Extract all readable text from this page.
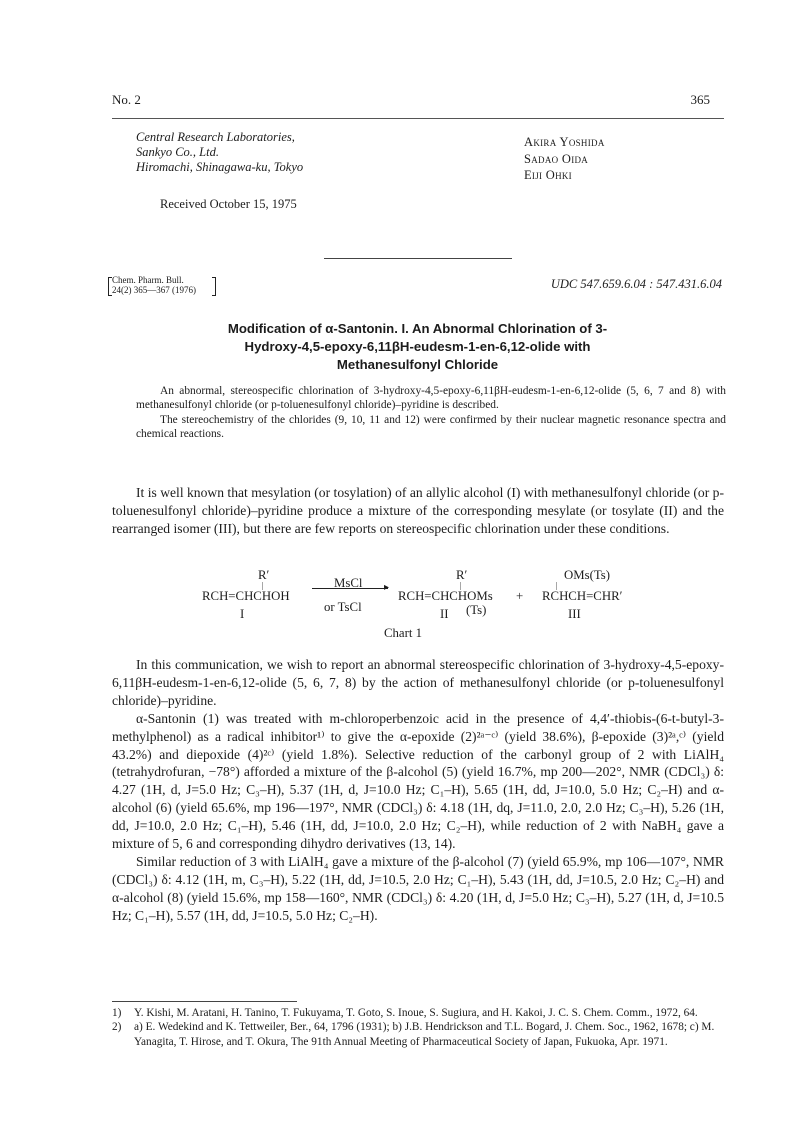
No. 2	365
Central Research Laboratories,
Sankyo Co., Ltd.
Hiromachi, Shinagawa-ku, Tokyo
Akira Yoshida
Sadao Oida
Eiji Ohki
Received October 15, 1975
Chem. Pharm. Bull.
24(2) 365—367 (1976)	UDC 547.659.6.04 : 547.431.6.04
Modification of α-Santonin. I. An Abnormal Chlorination of 3-
Hydroxy-4,5-epoxy-6,11βH-eudesm-1-en-6,12-olide with
Methanesulfonyl Chloride

An abnormal, stereospecific chlorination of 3-hydroxy-4,5-epoxy-6,11βH-eudesm-1-en-6,12-olide (5, 6, 7 and 8) with methanesulfonyl chloride (or p-toluenesulfonyl chloride)–pyridine is described.

The stereochemistry of the chlorides (9, 10, 11 and 12) were confirmed by their nuclear magnetic resonance spectra and chemical reactions.

It is well known that mesylation (or tosylation) of an allylic alcohol (I) with methanesulfonyl chloride (or p-toluenesulfonyl chloride)–pyridine produce a mixture of the corresponding mesylate (or tosylate (II) and the rearranged isomer (III), but there are few reports on stereospecific chlorination under these conditions.

R′
|
RCH=CHCHOH
I
MsCl ▸
or TsCl
R′
|
RCH=CHCHOMs
II (Ts)
+
OMs(Ts)
|
RCHCH=CHR′
III
Chart 1

In this communication, we wish to report an abnormal stereospecific chlorination of 3-hydroxy-4,5-epoxy-6,11βH-eudesm-1-en-6,12-olide (5, 6, 7, 8) by the action of methanesulfonyl chloride (or p-toluenesulfonyl chloride)–pyridine.

α-Santonin (1) was treated with m-chloroperbenzoic acid in the presence of 4,4′-thiobis-(6-t-butyl-3-methylphenol) as a radical inhibitor¹⁾ to give the α-epoxide (2)²ᵃ⁻ᶜ⁾ (yield 38.6%), β-epoxide (3)²ᵃ,ᶜ⁾ (yield 43.2%) and diepoxide (4)²ᶜ⁾ (yield 1.8%). Selective reduction of the carbonyl group of 2 with LiAlH₄ (tetrahydrofuran, −78°) afforded a mixture of the β-alcohol (5) (yield 16.7%, mp 200—202°, NMR (CDCl₃) δ: 4.27 (1H, d, J=5.0 Hz; C₃–H), 5.37 (1H, d, J=10.0 Hz; C₁–H), 5.65 (1H, dd, J=10.0, 5.0 Hz; C₂–H) and α-alcohol (6) (yield 65.6%, mp 196—197°, NMR (CDCl₃) δ: 4.18 (1H, dq, J=11.0, 2.0, 2.0 Hz; C₃–H), 5.26 (1H, dd, J=10.0, 2.0 Hz; C₁–H), 5.46 (1H, dd, J=10.0, 2.0 Hz; C₂–H), while reduction of 2 with NaBH₄ gave a mixture of 5, 6 and corresponding dihydro derivatives (13, 14).

Similar reduction of 3 with LiAlH₄ gave a mixture of the β-alcohol (7) (yield 65.9%, mp 106—107°, NMR (CDCl₃) δ: 4.12 (1H, m, C₃–H), 5.22 (1H, dd, J=10.5, 2.0 Hz; C₁–H), 5.43 (1H, dd, J=10.5, 2.0 Hz; C₂–H) and α-alcohol (8) (yield 15.6%, mp 158—160°, NMR (CDCl₃) δ: 4.20 (1H, d, J=5.0 Hz; C₃–H), 5.27 (1H, d, J=10.5 Hz; C₁–H), 5.57 (1H, dd, J=10.5, 5.0 Hz; C₂–H).

1) Y. Kishi, M. Aratani, H. Tanino, T. Fukuyama, T. Goto, S. Inoue, S. Sugiura, and H. Kakoi, J. C. S. Chem. Comm., 1972, 64.
2) a) E. Wedekind and K. Tettweiler, Ber., 64, 1796 (1931); b) J.B. Hendrickson and T.L. Bogard, J. Chem. Soc., 1962, 1678; c) M. Yanagita, T. Hirose, and T. Okura, The 91th Annual Meeting of Pharmaceutical Society of Japan, Fukuoka, Apr. 1971.
